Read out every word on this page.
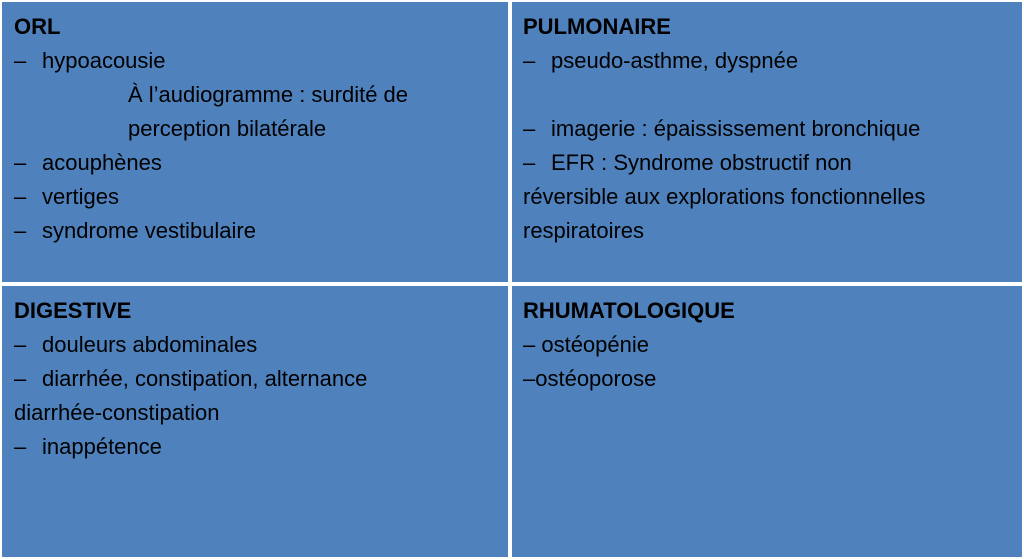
ORL
– hypoacousie
À l’audiogramme : surdité de
perception bilatérale
– acouphènes
– vertiges
– syndrome vestibulaire
PULMONAIRE
– pseudo-asthme, dyspnée
– imagerie : épaississement bronchique
– EFR : Syndrome obstructif non
réversible aux explorations fonctionnelles
respiratoires
DIGESTIVE
– douleurs abdominales
– diarrhée, constipation, alternance
diarrhée-constipation
– inappétence
RHUMATOLOGIQUE
– ostéopénie
–ostéoporose
